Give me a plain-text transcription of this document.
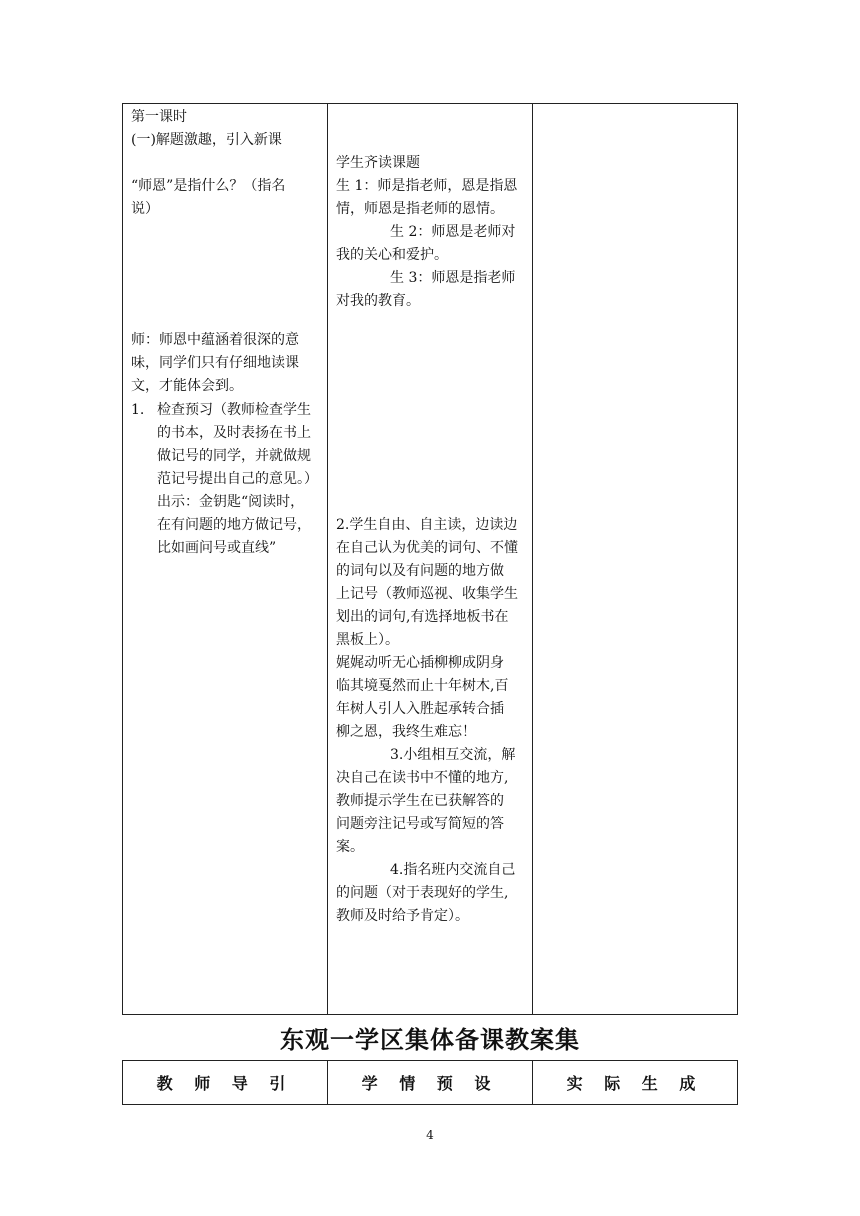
第一课时
(一)解题激趣，引入新课
“师恩”是指什么？（指名
说）
师：师恩中蕴涵着很深的意
味，同学们只有仔细地读课
文，才能体会到。
1. 检查预习（教师检查学生
的书本，及时表扬在书上
做记号的同学，并就做规
范记号提出自己的意见。）
出示：金钥匙“阅读时，
在有问题的地方做记号，
比如画问号或直线”
学生齐读课题
生 1：师是指老师，恩是指恩
情，师恩是指老师的恩情。
生 2：师恩是老师对
我的关心和爱护。
生 3：师恩是指老师
对我的教育。
2.学生自由、自主读，边读边
在自己认为优美的词句、不懂
的词句以及有问题的地方做
上记号（教师巡视、收集学生
划出的词句,有选择地板书在
黑板上）。
娓娓动听无心插柳柳成阴身
临其境戛然而止十年树木,百
年树人引人入胜起承转合插
柳之恩，我终生难忘！
3.小组相互交流，解
决自己在读书中不懂的地方,
教师提示学生在已获解答的
问题旁注记号或写简短的答
案。
4.指名班内交流自己
的问题（对于表现好的学生,
教师及时给予肯定）。
东观一学区集体备课教案集
教 师 导 引	学 情 预 设	实 际 生 成
4
